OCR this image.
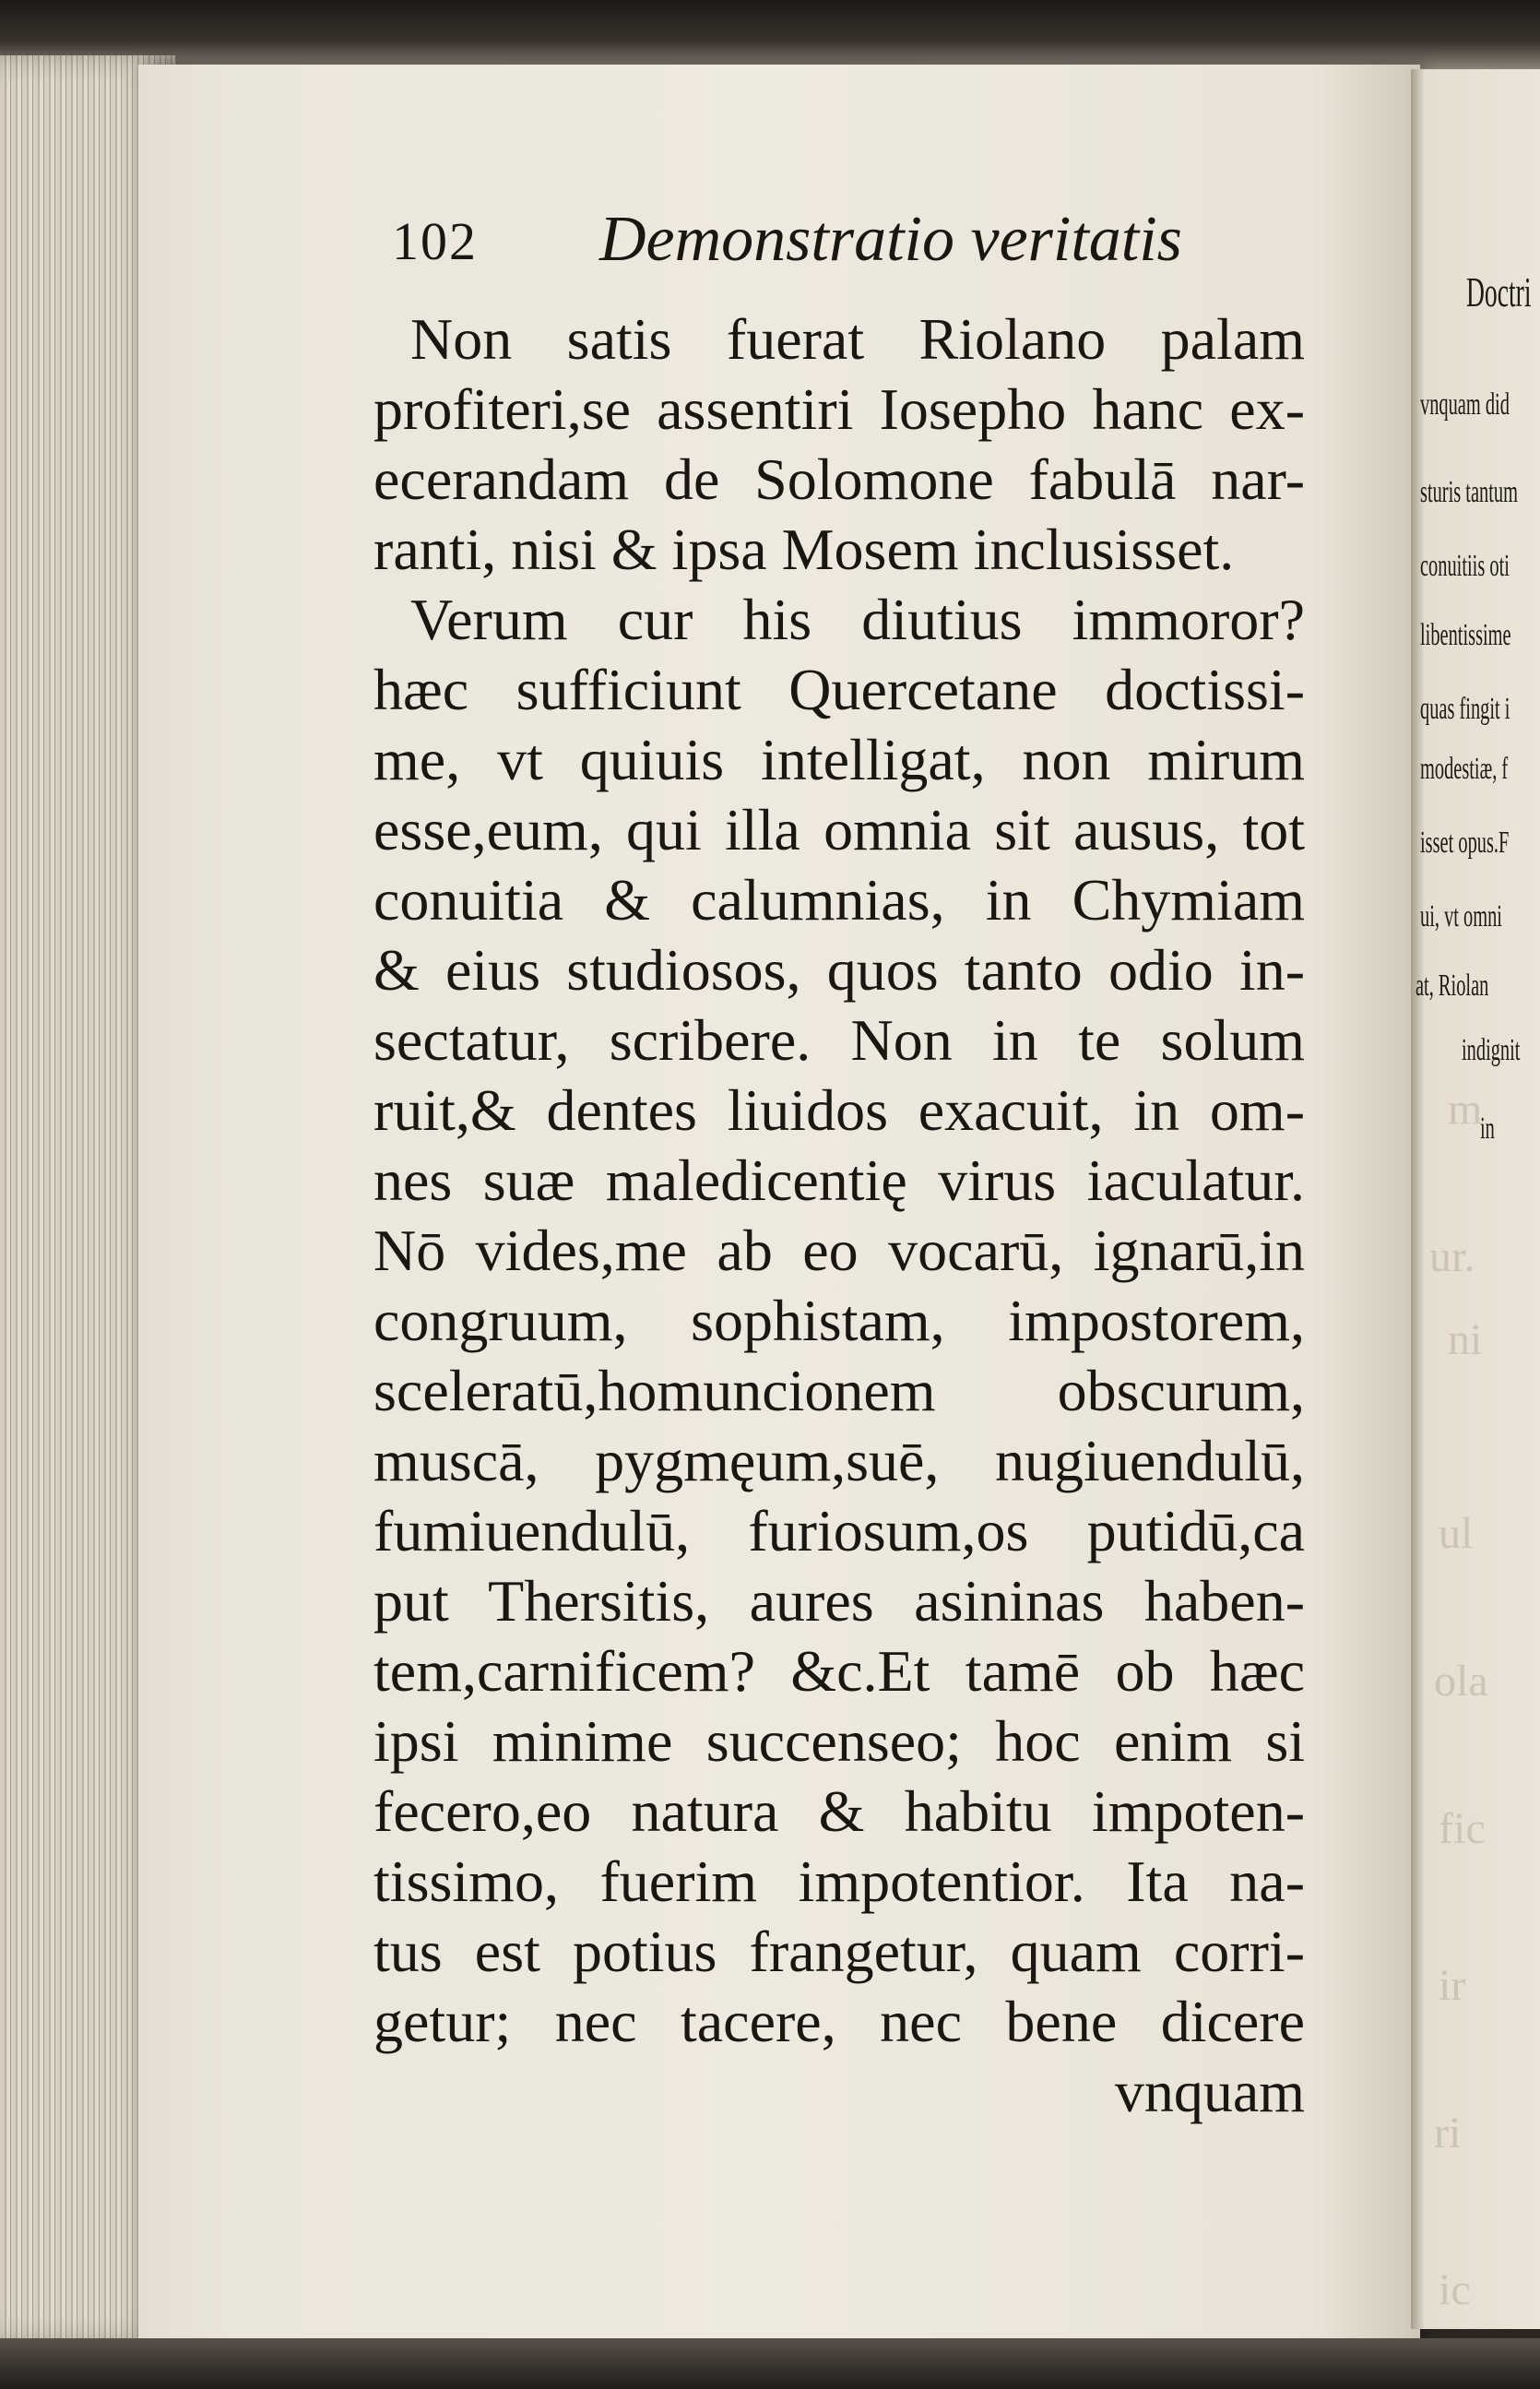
m
ur.
ni
ul
ola
fic
ir
ri
ic
Doctri
vnquam did
sturis tantum
conuitiis oti
libentissime
quas fingit i
modestiæ, f
isset opus.F
ui, vt omni
at, Riolan
indignit
in
102 Demonstratio veritatis
Non satis fuerat Riolano palam
profiteri,se assentiri Iosepho hanc ex-
ecerandam de Solomone fabulā nar-
ranti, nisi & ipsa Mosem inclusisset.
Verum cur his diutius immoror?
hæc sufficiunt Quercetane doctissi-
me, vt quiuis intelligat, non mirum
esse,eum, qui illa omnia sit ausus, tot
conuitia & calumnias, in Chymiam
& eius studiosos, quos tanto odio in-
sectatur, scribere. Non in te solum
ruit,& dentes liuidos exacuit, in om-
nes suæ maledicentię virus iaculatur.
Nō vides,me ab eo vocarū, ignarū,in
congruum, sophistam, impostorem,
sceleratū,homuncionem obscurum,
muscā, pygmęum,suē, nugiuendulū,
fumiuendulū, furiosum,os putidū,ca
put Thersitis, aures asininas haben-
tem,carnificem? &c.Et tamē ob hæc
ipsi minime succenseo; hoc enim si
fecero,eo natura & habitu impoten-
tissimo, fuerim impotentior. Ita na-
tus est potius frangetur, quam corri-
getur; nec tacere, nec bene dicere
vnquam
